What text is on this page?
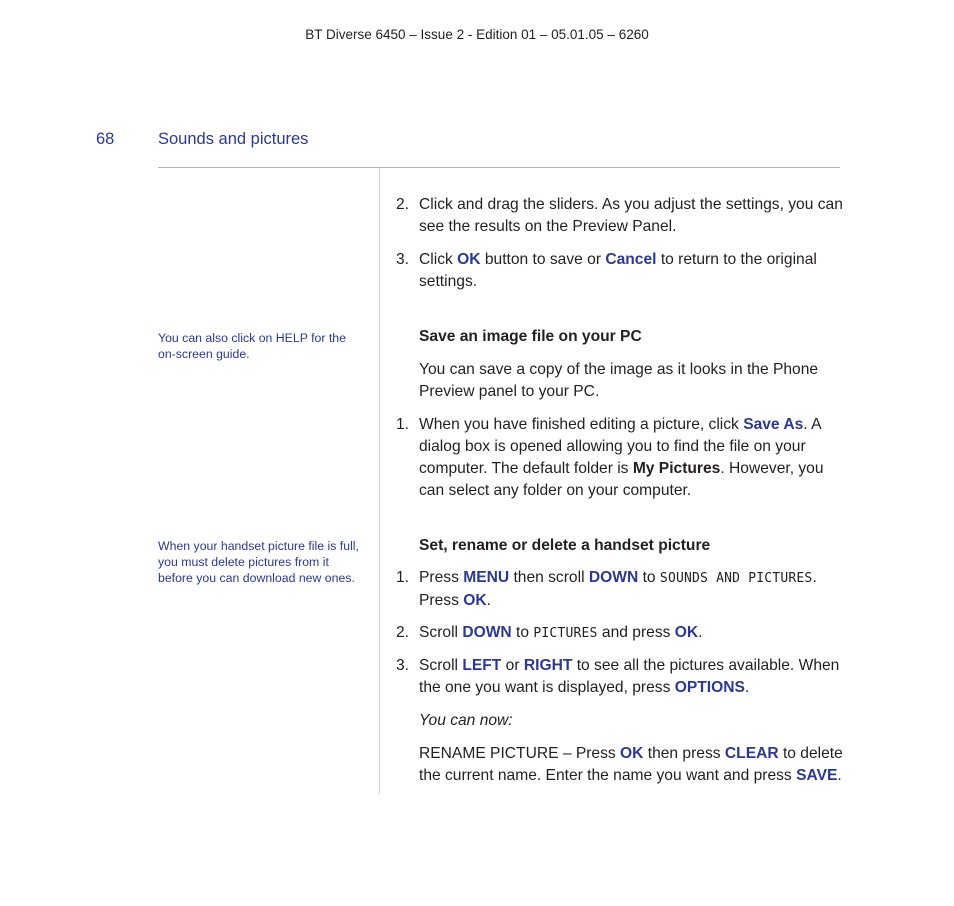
BT Diverse 6450 – Issue 2 - Edition 01 – 05.01.05 – 6260
68	Sounds and pictures
You can also click on HELP for the on-screen guide.
When your handset picture file is full, you must delete pictures from it before you can download new ones.
2. Click and drag the sliders. As you adjust the settings, you can see the results on the Preview Panel.
3. Click OK button to save or Cancel to return to the original settings.
Save an image file on your PC
You can save a copy of the image as it looks in the Phone Preview panel to your PC.
1. When you have finished editing a picture, click Save As. A dialog box is opened allowing you to find the file on your computer. The default folder is My Pictures. However, you can select any folder on your computer.
Set, rename or delete a handset picture
1. Press MENU then scroll DOWN to SOUNDS AND PICTURES. Press OK.
2. Scroll DOWN to PICTURES and press OK.
3. Scroll LEFT or RIGHT to see all the pictures available. When the one you want is displayed, press OPTIONS.
You can now:
RENAME PICTURE – Press OK then press CLEAR to delete the current name. Enter the name you want and press SAVE.
